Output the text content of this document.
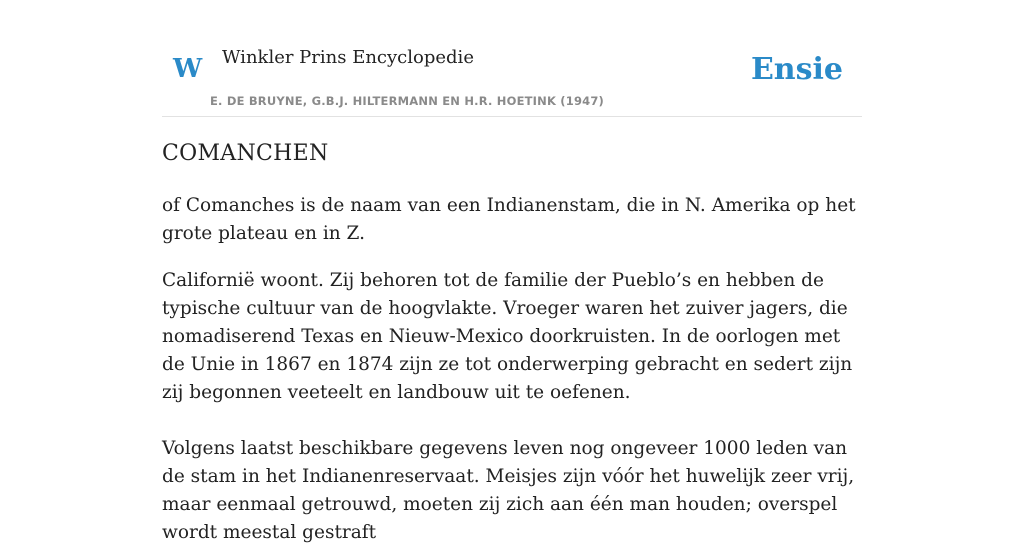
W Winkler Prins Encyclopedie
E. DE BRUYNE, G.B.J. HILTERMANN EN H.R. HOETINK (1947)
Ensie
COMANCHEN

of Comanches is de naam van een Indianenstam, die in N. Amerika op het grote plateau en in Z.

Californië woont. Zij behoren tot de familie der Pueblo’s en hebben de typische cultuur van de hoogvlakte. Vroeger waren het zuiver jagers, die nomadiserend Texas en Nieuw-Mexico doorkruisten. In de oorlogen met de Unie in 1867 en 1874 zijn ze tot onderwerping gebracht en sedert zijn zij begonnen veeteelt en landbouw uit te oefenen.

Volgens laatst beschikbare gegevens leven nog ongeveer 1000 leden van de stam in het Indianenreservaat. Meisjes zijn vóór het huwelijk zeer vrij, maar eenmaal getrouwd, moeten zij zich aan één man houden; overspel wordt meestal gestraft
